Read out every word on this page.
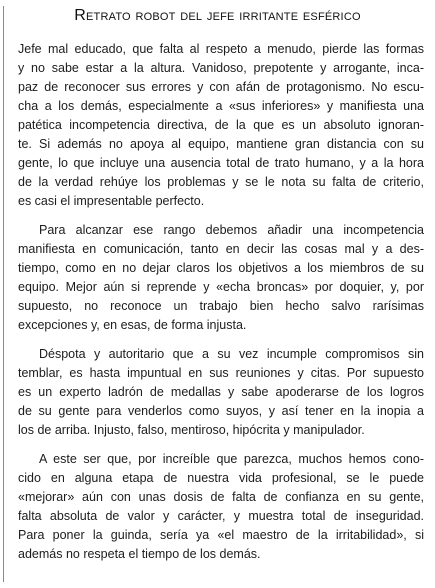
Retrato robot del jefe irritante esférico

Jefe mal educado, que falta al respeto a menudo, pierde las formas
y no sabe estar a la altura. Vanidoso, prepotente y arrogante, inca-
paz de reconocer sus errores y con afán de protagonismo. No escu-
cha a los demás, especialmente a «sus inferiores» y manifiesta una
patética incompetencia directiva, de la que es un absoluto ignoran-
te. Si además no apoya al equipo, mantiene gran distancia con su
gente, lo que incluye una ausencia total de trato humano, y a la hora
de la verdad rehúye los problemas y se le nota su falta de criterio,
es casi el impresentable perfecto.

Para alcanzar ese rango debemos añadir una incompetencia
manifiesta en comunicación, tanto en decir las cosas mal y a des-
tiempo, como en no dejar claros los objetivos a los miembros de su
equipo. Mejor aún si reprende y «echa broncas» por doquier, y, por
supuesto, no reconoce un trabajo bien hecho salvo rarísimas
excepciones y, en esas, de forma injusta.

Déspota y autoritario que a su vez incumple compromisos sin
temblar, es hasta impuntual en sus reuniones y citas. Por supuesto
es un experto ladrón de medallas y sabe apoderarse de los logros
de su gente para venderlos como suyos, y así tener en la inopia a
los de arriba. Injusto, falso, mentiroso, hipócrita y manipulador.

A este ser que, por increíble que parezca, muchos hemos cono-
cido en alguna etapa de nuestra vida profesional, se le puede
«mejorar» aún con unas dosis de falta de confianza en su gente,
falta absoluta de valor y carácter, y muestra total de inseguridad.
Para poner la guinda, sería ya «el maestro de la irritabilidad», si
además no respeta el tiempo de los demás.
